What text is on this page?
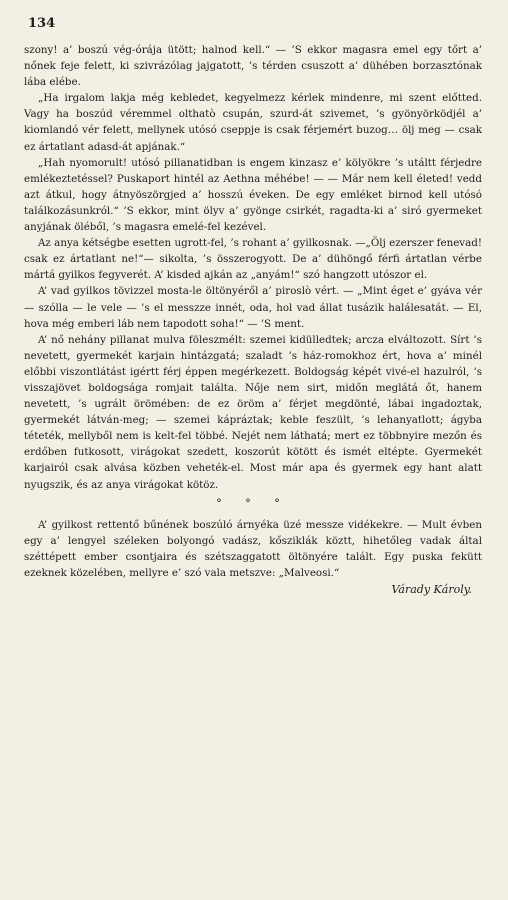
134

szony! a’ boszú vég-órája ütött; halnod kell.“ — ’S ekkor magasra emel egy tőrt a’ nőnek feje felett, ki szivrázólag jajgatott, ’s térden csuszott a’ dühében borzasztónak lába elébe.

„Ha irgalom lakja még kebledet, kegyelmezz kérlek mindenre, mi szent előtted. Vagy ha boszúd véremmel olthatò csupán, szurd-át szivemet, ’s gyönyörködjél a’ kiomlandó vér felett, mellynek utósó cseppje is csak férjemért buzog… ölj meg — csak ez ártatlant adasd-át apjának.“

„Hah nyomorult! utósó pillanatidban is engem kinzasz e’ kölyökre ’s utáltt férjedre emlékeztetéssel? Puskaport hintél az Aethna méhébe! — — Már nem kell életed! vedd azt átkul, hogy átnyöszörgjed a’ hosszú éveken. De egy emléket birnod kell utósó találkozásunkról.“ ’S ekkor, mint ölyv a’ gyönge csirkét, ragadta-ki a’ siró gyermeket anyjának öléből, ’s magasra emelé-fel kezével.

Az anya kétségbe esetten ugrott-fel, ’s rohant a’ gyilkosnak. —„Ölj ezerszer fenevad! csak ez ártatlant ne!“— sikolta, ’s összerogyott. De a’ dühöngő férfi ártatlan vérbe mártá gyilkos fegyverét. A’ kisded ajkán az „anyám!“ szó hangzott utószor el.

A’ vad gyilkos tövizzel mosta-le öltönyéről a’ piroslò vért. — „Mint éget e’ gyáva vér — szólla — le vele — ’s el messzze innét, oda, hol vad állat tusázik halálesatát. — El, hova még emberi láb nem tapodott soha!“ — ’S ment.

A’ nő nehány pillanat mulva föleszmélt: szemei kidülledtek; arcza elváltozott. Sírt ’s nevetett, gyermekét karjain hintázgatá; szaladt ’s ház-romokhoz ért, hova a’ minél előbbi viszontlátást igértt férj éppen megérkezett. Boldogság képét vivé-el hazulról, ’s visszajövet boldogsága romjait találta. Nője nem sirt, midőn meglátá őt, hanem nevetett, ’s ugrált örömében: de ez öröm a’ férjet megdönté, lábai ingadoztak, gyermekét látván-meg; — szemei kápráztak; keble feszült, ’s lehanyatlott; ágyba téteték, mellyből nem is kelt-fel többé. Nejét nem láthatá; mert ez többnyire mezőn és erdőben futkosott, virágokat szedett, koszorút kötött és ismét eltépte. Gyermekét karjairól csak alvása közben veheték-el. Most már apa és gyermek egy hant alatt nyugszik, és az anya virágokat kötöz.

° ° °

A’ gyilkost rettentő bűnének boszúló árnyéka üzé messze vidékekre. — Mult évben egy a’ lengyel széleken bolyongó vadász, kősziklák köztt, hihetőleg vadak által széttépett ember csontjaira és szétszaggatott öltönyére talált. Egy puska fekütt ezeknek közelében, mellyre e’ szó vala metszve: „Malveosi.“

Várady Károly.
